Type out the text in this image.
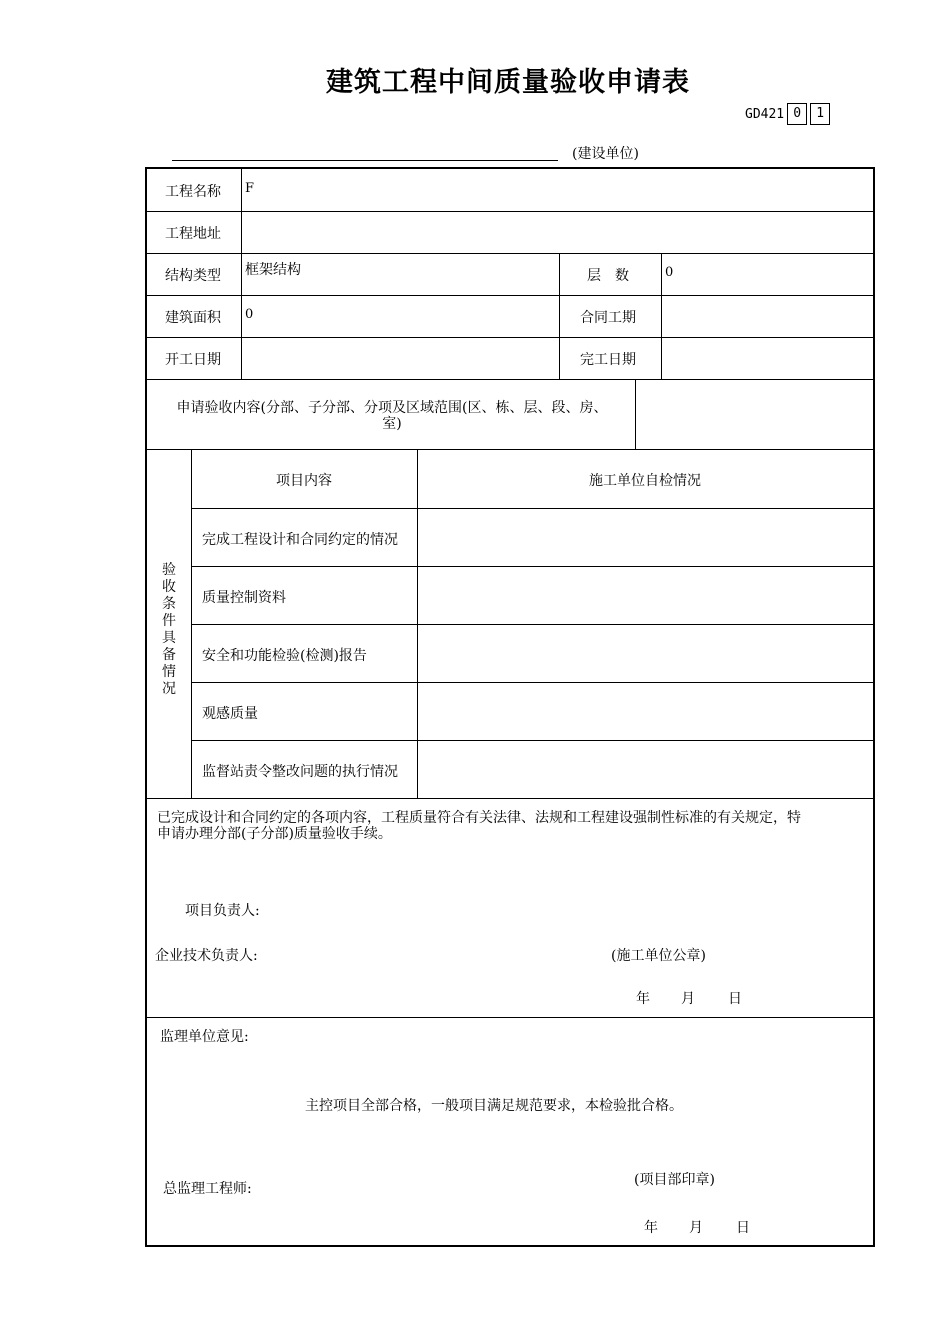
建筑工程中间质量验收申请表
GD421 0	1
(建设单位)
工程名称 F
工程地址
结构类型 框架结构	层　数	0
建筑面积 0	合同工期
开工日期	完工日期
申请验收内容(分部、子分部、分项及区域范围(区、栋、层、段、房、
室)
验
收
条
件
具
备
情
况
项目内容	施工单位自检情况
完成工程设计和合同约定的情况
质量控制资料
安全和功能检验(检测)报告
观感质量
监督站责令整改问题的执行情况
已完成设计和合同约定的各项内容，工程质量符合有关法律、法规和工程建设强制性标准的有关规定，特
申请办理分部(子分部)质量验收手续。
项目负责人:
企业技术负责人:	(施工单位公章)
年 月 日
监理单位意见:
主控项目全部合格，一般项目满足规范要求，本检验批合格。
总监理工程师:
(项目部印章)
年 月 日
